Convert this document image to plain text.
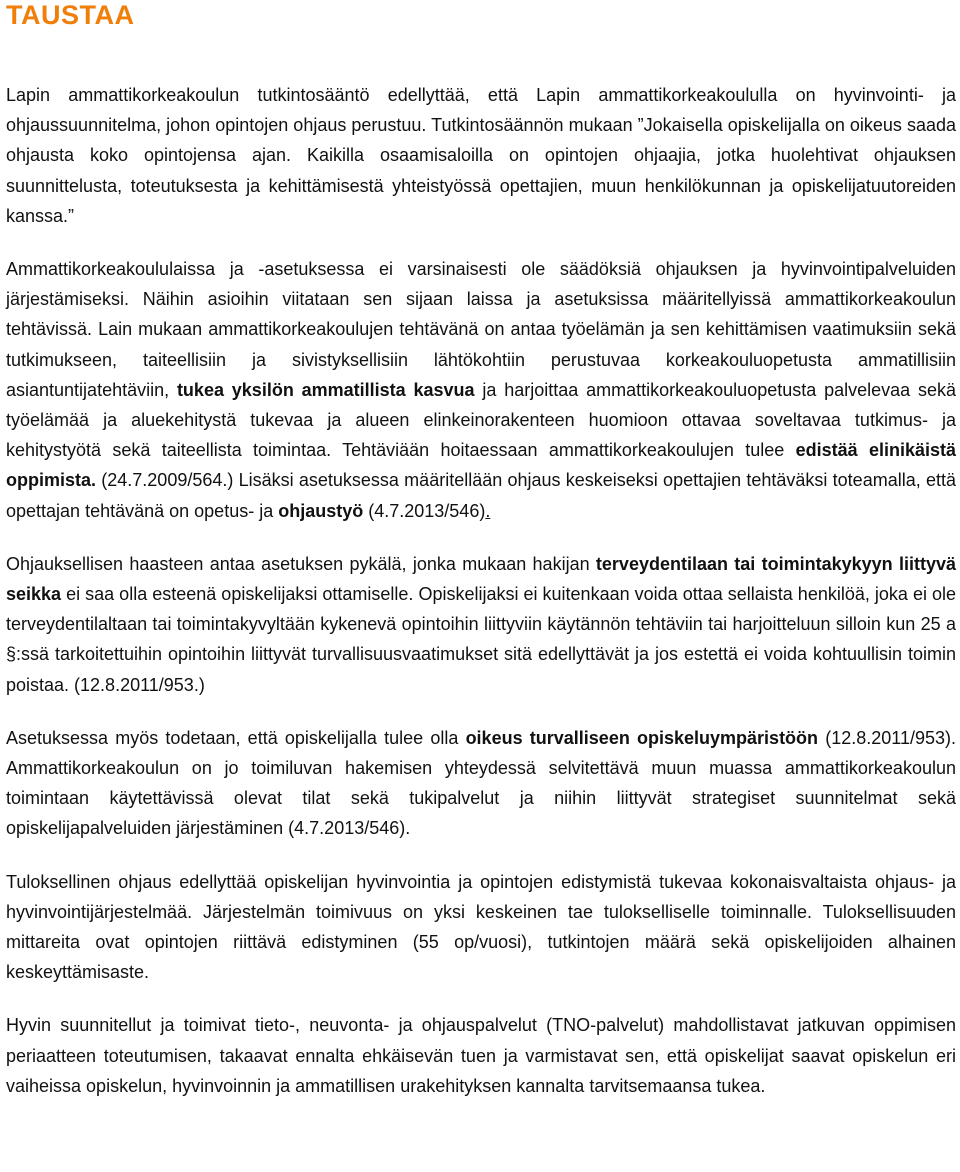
TAUSTAA

Lapin ammattikorkeakoulun tutkintosääntö edellyttää, että Lapin ammattikorkeakoululla on hyvinvointi- ja ohjaussuunnitelma, johon opintojen ohjaus perustuu. Tutkintosäännön mukaan ”Jokaisella opiskelijalla on oikeus saada ohjausta koko opintojensa ajan. Kaikilla osaamisaloilla on opintojen ohjaajia, jotka huolehtivat ohjauksen suunnittelusta, toteutuksesta ja kehittämisestä yhteistyössä opettajien, muun henkilökunnan ja opiskelijatuutoreiden kanssa.”

Ammattikorkeakoululaissa ja -asetuksessa ei varsinaisesti ole säädöksiä ohjauksen ja hyvinvointipalveluiden järjestämiseksi. Näihin asioihin viitataan sen sijaan laissa ja asetuksissa määritellyissä ammattikorkeakoulun tehtävissä. Lain mukaan ammattikorkeakoulujen tehtävänä on antaa työelämän ja sen kehittämisen vaatimuksiin sekä tutkimukseen, taiteellisiin ja sivistyksellisiin lähtökohtiin perustuvaa korkeakouluopetusta ammatillisiin asiantuntijatehtäviin, tukea yksilön ammatillista kasvua ja harjoittaa ammattikorkeakouluopetusta palvelevaa sekä työelämää ja aluekehitystä tukevaa ja alueen elinkeinorakenteen huomioon ottavaa soveltavaa tutkimus- ja kehitystyötä sekä taiteellista toimintaa. Tehtäviään hoitaessaan ammattikorkeakoulujen tulee edistää elinikäistä oppimista. (24.7.2009/564.) Lisäksi asetuksessa määritellään ohjaus keskeiseksi opettajien tehtäväksi toteamalla, että opettajan tehtävänä on opetus- ja ohjaustyö (4.7.2013/546).

Ohjauksellisen haasteen antaa asetuksen pykälä, jonka mukaan hakijan terveydentilaan tai toimintakykyyn liittyvä seikka ei saa olla esteenä opiskelijaksi ottamiselle. Opiskelijaksi ei kuitenkaan voida ottaa sellaista henkilöä, joka ei ole terveydentilaltaan tai toimintakyvyltään kykenevä opintoihin liittyviin käytännön tehtäviin tai harjoitteluun silloin kun 25 a §:ssä tarkoitettuihin opintoihin liittyvät turvallisuusvaatimukset sitä edellyttävät ja jos estettä ei voida kohtuullisin toimin poistaa. (12.8.2011/953.)

Asetuksessa myös todetaan, että opiskelijalla tulee olla oikeus turvalliseen opiskeluympäristöön (12.8.2011/953). Ammattikorkeakoulun on jo toimiluvan hakemisen yhteydessä selvitettävä muun muassa ammattikorkeakoulun toimintaan käytettävissä olevat tilat sekä tukipalvelut ja niihin liittyvät strategiset suunnitelmat sekä opiskelijapalveluiden järjestäminen (4.7.2013/546).

Tuloksellinen ohjaus edellyttää opiskelijan hyvinvointia ja opintojen edistymistä tukevaa kokonaisvaltaista ohjaus- ja hyvinvointijärjestelmää. Järjestelmän toimivuus on yksi keskeinen tae tulokselliselle toiminnalle. Tuloksellisuuden mittareita ovat opintojen riittävä edistyminen (55 op/vuosi), tutkintojen määrä sekä opiskelijoiden alhainen keskeyttämisaste.

Hyvin suunnitellut ja toimivat tieto-, neuvonta- ja ohjauspalvelut (TNO-palvelut) mahdollistavat jatkuvan oppimisen periaatteen toteutumisen, takaavat ennalta ehkäisevän tuen ja varmistavat sen, että opiskelijat saavat opiskelun eri vaiheissa opiskelun, hyvinvoinnin ja ammatillisen urakehityksen kannalta tarvitsemaansa tukea.
